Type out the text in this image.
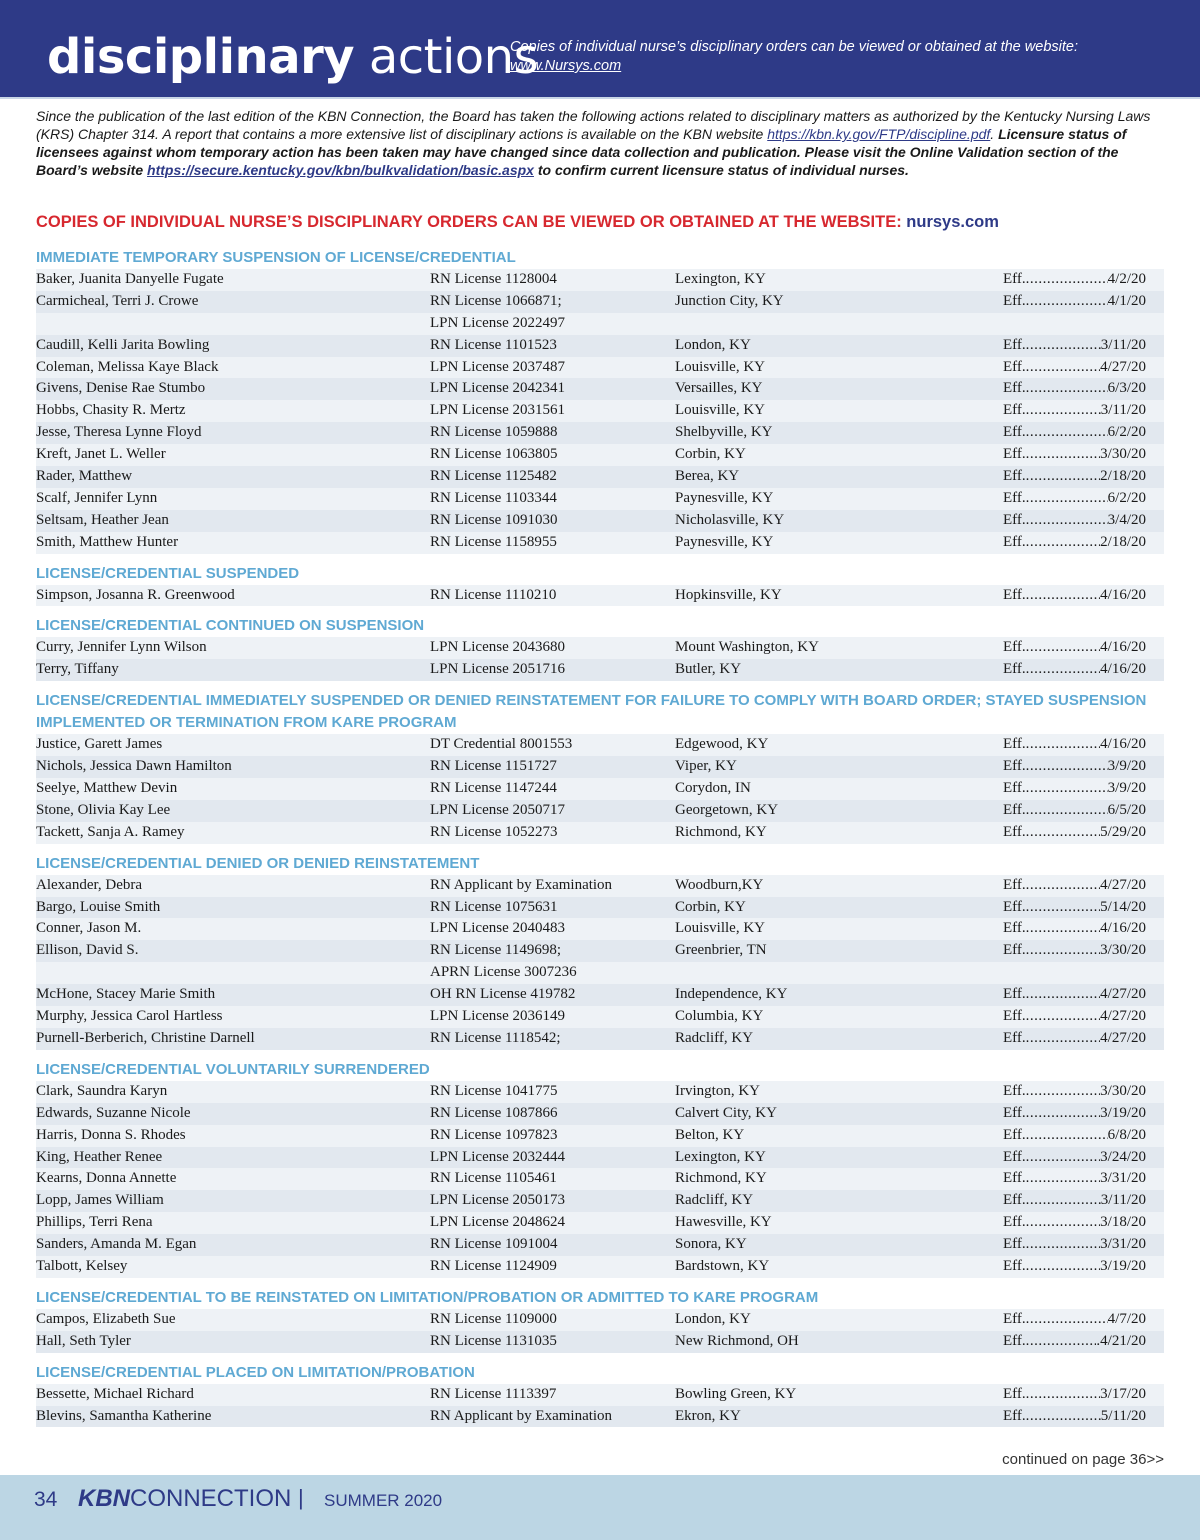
disciplinary actions
Copies of individual nurse’s disciplinary orders can be viewed or obtained at the website:  www.Nursys.com
Since the publication of the last edition of the KBN Connection, the Board has taken the following actions related to disciplinary matters as authorized by the Kentucky Nursing Laws (KRS) Chapter 314. A report that contains a more extensive list of disciplinary actions is available on the KBN website https://kbn.ky.gov/FTP/discipline.pdf. Licensure status of licensees against whom temporary action has been taken may have changed since data collection and publication. Please visit the Online Validation section of the Board’s website https://secure.kentucky.gov/kbn/bulkvalidation/basic.aspx to confirm current licensure status of individual nurses.
COPIES OF INDIVIDUAL NURSE’S DISCIPLINARY ORDERS CAN BE VIEWED OR OBTAINED AT THE WEBSITE: nursys.com
IMMEDIATE TEMPORARY SUSPENSION OF LICENSE/CREDENTIAL
Baker, Juanita Danyelle Fugate	RN License 1128004	Lexington, KY	Eff. .....	4/2/20
Carmicheal, Terri J. Crowe	RN License 1066871;	Junction City, KY	Eff. .....	4/1/20
LPN License 2022497
Caudill, Kelli Jarita Bowling	RN License 1101523	London, KY	Eff. .....	3/11/20
Coleman, Melissa Kaye Black	LPN License 2037487	Louisville, KY	Eff. .....	4/27/20
Givens, Denise Rae Stumbo	LPN License 2042341	Versailles, KY	Eff. .....	6/3/20
Hobbs, Chasity R. Mertz	LPN License 2031561	Louisville, KY	Eff. .....	3/11/20
Jesse, Theresa Lynne Floyd	RN License 1059888	Shelbyville, KY	Eff. .....	6/2/20
Kreft, Janet L. Weller	RN License 1063805	Corbin, KY	Eff. .....	3/30/20
Rader, Matthew	RN License 1125482	Berea, KY	Eff. .....	2/18/20
Scalf, Jennifer Lynn	RN License 1103344	Paynesville, KY	Eff. .....	6/2/20
Seltsam, Heather Jean	RN License 1091030	Nicholasville, KY	Eff. .....	3/4/20
Smith, Matthew Hunter	RN License 1158955	Paynesville, KY	Eff. .....	2/18/20
LICENSE/CREDENTIAL SUSPENDED
Simpson, Josanna R. Greenwood	RN License 1110210	Hopkinsville, KY	Eff. .....	4/16/20
LICENSE/CREDENTIAL CONTINUED ON SUSPENSION
Curry, Jennifer Lynn Wilson	LPN License 2043680	Mount Washington, KY	Eff. .....	4/16/20
Terry, Tiffany	LPN License 2051716	Butler, KY	Eff. .....	4/16/20
LICENSE/CREDENTIAL IMMEDIATELY SUSPENDED OR DENIED REINSTATEMENT FOR FAILURE TO COMPLY WITH BOARD ORDER; STAYED SUSPENSION IMPLEMENTED OR TERMINATION FROM KARE PROGRAM
Justice, Garett James	DT Credential 8001553	Edgewood, KY	Eff. .....	4/16/20
Nichols, Jessica Dawn Hamilton	RN License 1151727	Viper, KY	Eff. .....	3/9/20
Seelye, Matthew Devin	RN License 1147244	Corydon, IN	Eff. .....	3/9/20
Stone, Olivia Kay Lee	LPN License 2050717	Georgetown, KY	Eff. .....	6/5/20
Tackett, Sanja A. Ramey	RN License 1052273	Richmond, KY	Eff. .....	5/29/20
LICENSE/CREDENTIAL DENIED OR DENIED REINSTATEMENT
Alexander, Debra	RN Applicant by Examination	Woodburn,KY	Eff. .....	4/27/20
Bargo, Louise Smith	RN License 1075631	Corbin, KY	Eff. .....	5/14/20
Conner, Jason M.	LPN License 2040483	Louisville, KY	Eff. .....	4/16/20
Ellison, David S.	RN License 1149698;	Greenbrier, TN	Eff. .....	3/30/20
APRN License 3007236
McHone, Stacey Marie Smith	OH RN License 419782	Independence, KY	Eff. .....	4/27/20
Murphy, Jessica Carol Hartless	LPN License 2036149	Columbia, KY	Eff. .....	4/27/20
Purnell-Berberich, Christine Darnell	RN License 1118542;	Radcliff, KY	Eff. .....	4/27/20
LICENSE/CREDENTIAL VOLUNTARILY SURRENDERED
Clark, Saundra Karyn	RN License 1041775	Irvington, KY	Eff. .....	3/30/20
Edwards, Suzanne Nicole	RN License 1087866	Calvert City, KY	Eff. .....	3/19/20
Harris, Donna S. Rhodes	RN License 1097823	Belton, KY	Eff. .....	6/8/20
King, Heather Renee	LPN License 2032444	Lexington, KY	Eff. .....	3/24/20
Kearns, Donna Annette	RN License 1105461	Richmond, KY	Eff. .....	3/31/20
Lopp, James William	LPN License 2050173	Radcliff, KY	Eff. .....	3/11/20
Phillips, Terri Rena	LPN License 2048624	Hawesville, KY	Eff. .....	3/18/20
Sanders, Amanda M. Egan	RN License 1091004	Sonora, KY	Eff. .....	3/31/20
Talbott, Kelsey	RN License 1124909	Bardstown, KY	Eff. .....	3/19/20
LICENSE/CREDENTIAL TO BE REINSTATED ON LIMITATION/PROBATION OR ADMITTED TO KARE PROGRAM
Campos, Elizabeth Sue	RN License 1109000	London, KY	Eff. .....	4/7/20
Hall, Seth Tyler	RN License 1131035	New Richmond, OH	Eff. .....	.4/21/20
LICENSE/CREDENTIAL PLACED ON LIMITATION/PROBATION
Bessette, Michael Richard	RN License 1113397	Bowling Green, KY	Eff. .....	3/17/20
Blevins, Samantha Katherine	RN Applicant by Examination	Ekron, KY	Eff. .....	5/11/20
continued on page 36>>
34 KBNCONNECTION | SUMMER 2020
